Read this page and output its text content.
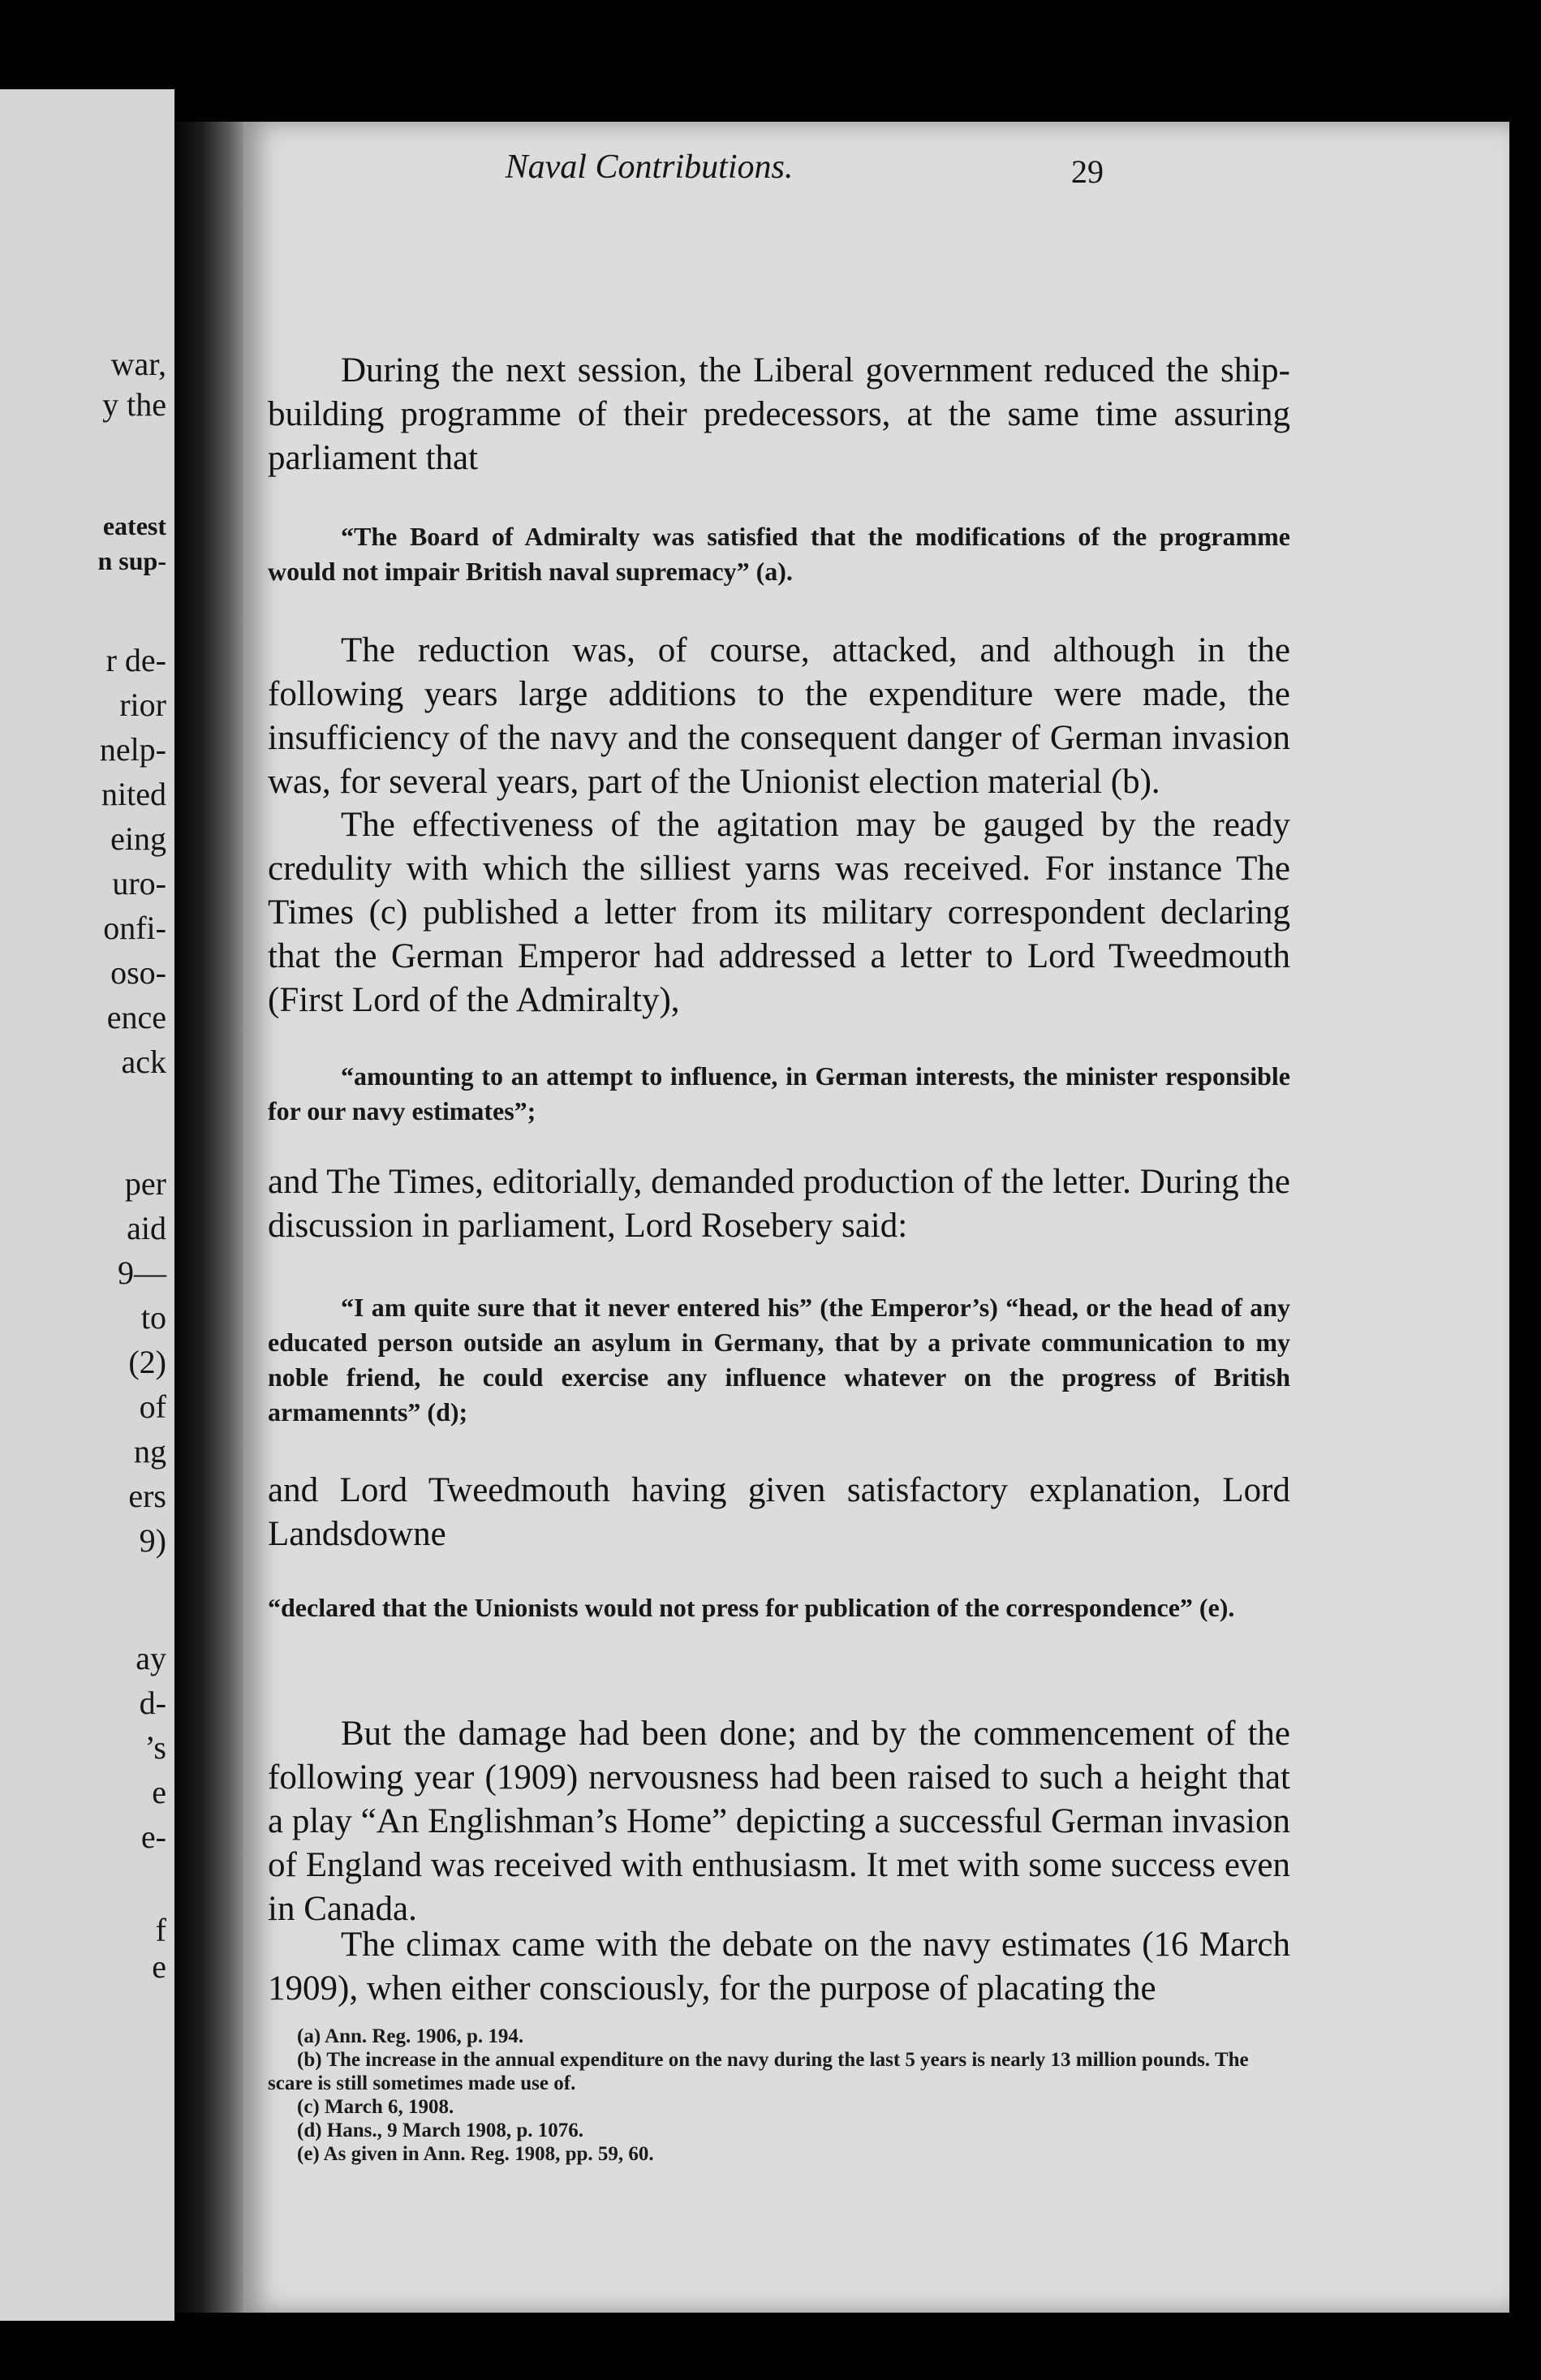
war,
y the
eatest
n sup-
r de-
rior
nelp-
nited
eing
uro-
onfi-
oso-
ence
ack
per
aid
9—
to
(2)
of
ng
ers
9)
ay
d-
’s
e
e-
f
e
Naval Contributions.	29

During the next session, the Liberal government reduced the ship-building programme of their predecessors, at the same time assuring parliament that

“The Board of Admiralty was satisfied that the modifications of the programme would not impair British naval supremacy” (a).

The reduction was, of course, attacked, and although in the following years large additions to the expenditure were made, the insufficiency of the navy and the consequent danger of German invasion was, for several years, part of the Unionist election material (b).

The effectiveness of the agitation may be gauged by the ready credulity with which the silliest yarns was received. For instance The Times (c) published a letter from its military correspondent declaring that the German Emperor had addressed a letter to Lord Tweedmouth (First Lord of the Admiralty),

“amounting to an attempt to influence, in German interests, the minister responsible for our navy estimates”;

and The Times, editorially, demanded production of the letter. During the discussion in parliament, Lord Rosebery said:

“I am quite sure that it never entered his” (the Emperor’s) “head, or the head of any educated person outside an asylum in Germany, that by a private communication to my noble friend, he could exercise any influence whatever on the progress of British armamennts” (d);

and Lord Tweedmouth having given satisfactory explanation, Lord Landsdowne

“declared that the Unionists would not press for publication of the correspondence” (e).

But the damage had been done; and by the commencement of the following year (1909) nervousness had been raised to such a height that a play “An Englishman’s Home” depicting a successful German invasion of England was received with enthusiasm. It met with some success even in Canada.

The climax came with the debate on the navy estimates (16 March 1909), when either consciously, for the purpose of placating the

(a) Ann. Reg. 1906, p. 194.

(b) The increase in the annual expenditure on the navy during the last 5 years is nearly 13 million pounds. The scare is still sometimes made use of.

(c) March 6, 1908.

(d) Hans., 9 March 1908, p. 1076.

(e) As given in Ann. Reg. 1908, pp. 59, 60.
